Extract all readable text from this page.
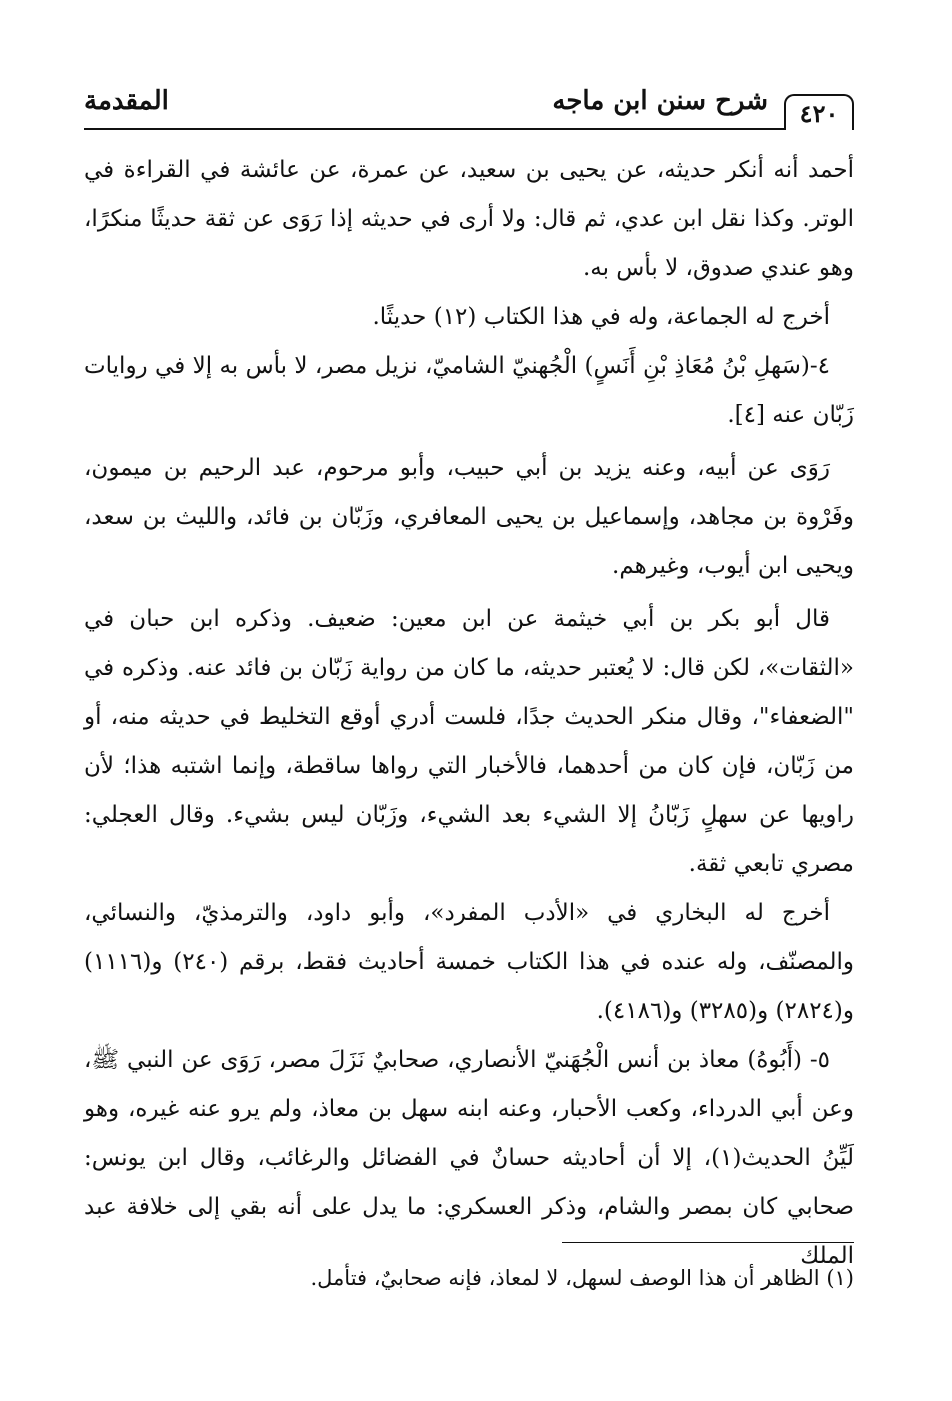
٤٢٠
شرح سنن ابن ماجه
المقدمة

أحمد أنه أنكر حديثه، عن يحيى بن سعيد، عن عمرة، عن عائشة في القراءة في الوتر. وكذا نقل ابن عدي، ثم قال: ولا أرى في حديثه إذا رَوَى عن ثقة حديثًا منكرًا، وهو عندي صدوق، لا بأس به.

أخرج له الجماعة، وله في هذا الكتاب (١٢) حديثًا.

٤-(سَهلِ بْنُ مُعَاذِ بْنِ أَنَسٍ) الْجُهنيّ الشاميّ، نزيل مصر، لا بأس به إلا في روايات زَبّان عنه [٤].

رَوَى عن أبيه، وعنه يزيد بن أبي حبيب، وأبو مرحوم، عبد الرحيم بن ميمون، وفَرْوة بن مجاهد، وإسماعيل بن يحيى المعافري، وزَبّان بن فائد، والليث بن سعد، ويحيى ابن أيوب، وغيرهم.

قال أبو بكر بن أبي خيثمة عن ابن معين: ضعيف. وذكره ابن حبان في «الثقات»، لكن قال: لا يُعتبر حديثه، ما كان من رواية زَبّان بن فائد عنه. وذكره في "الضعفاء"، وقال منكر الحديث جدًا، فلست أدري أوقع التخليط في حديثه منه، أو من زَبّان، فإن كان من أحدهما، فالأخبار التي رواها ساقطة، وإنما اشتبه هذا؛ لأن راويها عن سهلٍ زَبّانُ إلا الشيء بعد الشيء، وزَبّان ليس بشيء. وقال العجلي: مصري تابعي ثقة.

أخرج له البخاري في «الأدب المفرد»، وأبو داود، والترمذيّ، والنسائي، والمصنّف، وله عنده في هذا الكتاب خمسة أحاديث فقط، برقم (٢٤٠) و(١١١٦) و(٢٨٢٤) و(٣٢٨٥) و(٤١٨٦).

٥- (أَبُوهُ) معاذ بن أنس الْجُهَنيّ الأنصاري، صحابيٌ نَزَلَ مصر، رَوَى عن النبي ﷺ، وعن أبي الدرداء، وكعب الأحبار، وعنه ابنه سهل بن معاذ، ولم يرو عنه غيره، وهو لَيِّنُ الحديث(١)، إلا أن أحاديثه حسانٌ في الفضائل والرغائب، وقال ابن يونس: صحابي كان بمصر والشام، وذكر العسكري: ما يدل على أنه بقي إلى خلافة عبد الملك

(١) الظاهر أن هذا الوصف لسهل، لا لمعاذ، فإنه صحابيٌ، فتأمل.
